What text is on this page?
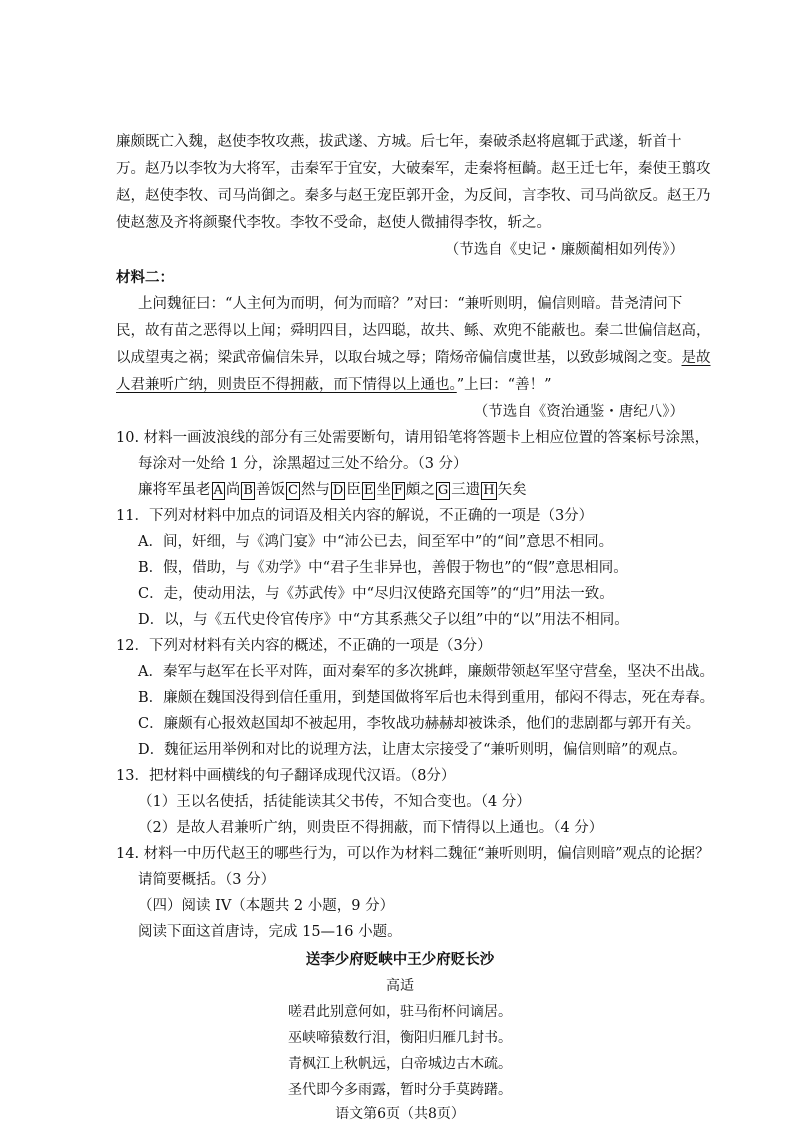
廉颇既亡入魏，赵使李牧攻燕，拔武遂、方城。后七年，秦破杀赵将扈辄于武遂，斩首十
万。赵乃以李牧为大将军，击秦军于宜安，大破秦军，走秦将桓齮。赵王迁七年，秦使王翦攻
赵，赵使李牧、司马尚御之。秦多与赵王宠臣郭开金，为反间，言李牧、司马尚欲反。赵王乃
使赵葱及齐将颜聚代李牧。李牧不受命，赵使人微捕得李牧，斩之。
（节选自《史记・廉颇蔺相如列传》）
材料二：
上问魏征曰：“人主何为而明，何为而暗？”对曰：“兼听则明，偏信则暗。昔尧清问下
民，故有苗之恶得以上闻；舜明四目，达四聪，故共、鲧、欢兜不能蔽也。秦二世偏信赵高，
以成望夷之祸；梁武帝偏信朱异，以取台城之辱；隋炀帝偏信虞世基，以致彭城阁之变。是故
人君兼听广纳，则贵臣不得拥蔽，而下情得以上通也。”上曰：“善！”
（节选自《资治通鉴・唐纪八》）
10. 材料一画波浪线的部分有三处需要断句，请用铅笔将答题卡上相应位置的答案标号涂黑，
每涂对一处给 1 分，涂黑超过三处不给分。（3 分）
廉将军虽老 A 尚 B 善饭 C 然与 D 臣 E 坐 F 頗之 G 三遗 H 矢矣
11．下列对材料中加点的词语及相关内容的解说，不正确的一项是（3分）
A．间，奸细，与《鸿门宴》中“沛公已去，间至军中”的“间”意思不相同。
B．假，借助，与《劝学》中“君子生非异也，善假于物也”的“假”意思相同。
C．走，使动用法，与《苏武传》中“尽归汉使路充国等”的“归”用法一致。
D．以，与《五代史伶官传序》中“方其系燕父子以组”中的“以”用法不相同。
12．下列对材料有关内容的概述，不正确的一项是（3分）
A．秦军与赵军在长平对阵，面对秦军的多次挑衅，廉颇带领赵军坚守营垒，坚决不出战。
B．廉颇在魏国没得到信任重用，到楚国做将军后也未得到重用，郁闷不得志，死在寿春。
C．廉颇有心报效赵国却不被起用，李牧战功赫赫却被诛杀，他们的悲剧都与郭开有关。
D．魏征运用举例和对比的说理方法，让唐太宗接受了“兼听则明，偏信则暗”的观点。
13．把材料中画横线的句子翻译成现代汉语。（8分）
（1）王以名使括，括徒能读其父书传，不知合变也。（4 分）
（2）是故人君兼听广纳，则贵臣不得拥蔽，而下情得以上通也。（4 分）
14. 材料一中历代赵王的哪些行为，可以作为材料二魏征“兼听则明，偏信则暗”观点的论据？
请简要概括。（3 分）
（四）阅读 IV（本题共 2 小题，9 分）
阅读下面这首唐诗，完成 15—16 小题。
送李少府贬峡中王少府贬长沙
高适
嗟君此别意何如，驻马衔杯问谪居。
巫峡啼猿数行泪，衡阳归雁几封书。
青枫江上秋帆远，白帝城边古木疏。
圣代即今多雨露，暂时分手莫踌躇。
语文第6页（共8页）
